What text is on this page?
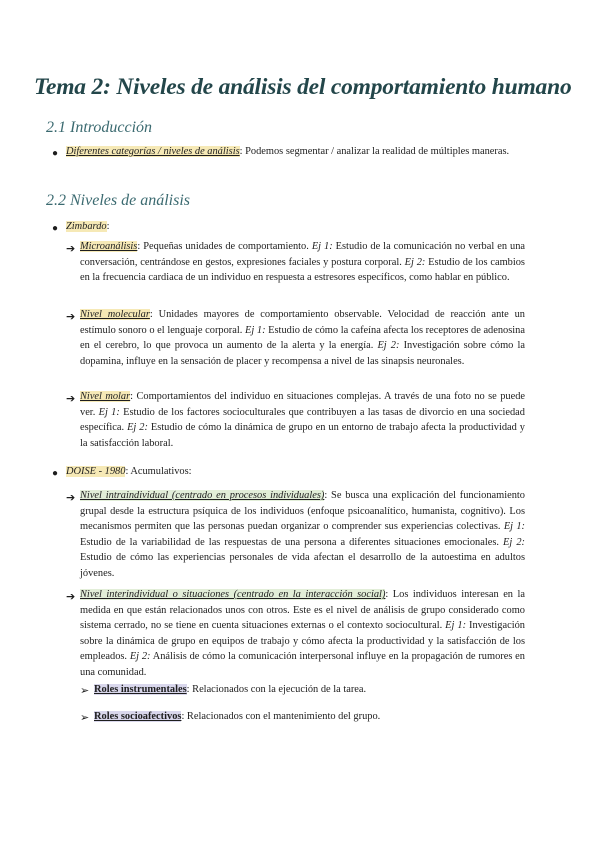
Tema 2: Niveles de análisis del comportamiento humano
2.1 Introducción
● Diferentes categorías / niveles de análisis: Podemos segmentar / analizar la realidad de múltiples maneras.
2.2 Niveles de análisis
● Zimbardo:
➔ Microanálisis: Pequeñas unidades de comportamiento. Ej 1: Estudio de la comunicación no verbal en una conversación, centrándose en gestos, expresiones faciales y postura corporal. Ej 2: Estudio de los cambios en la frecuencia cardiaca de un individuo en respuesta a estresores específicos, como hablar en público.
➔ Nivel molecular: Unidades mayores de comportamiento observable. Velocidad de reacción ante un estímulo sonoro o el lenguaje corporal. Ej 1: Estudio de cómo la cafeína afecta los receptores de adenosina en el cerebro, lo que provoca un aumento de la alerta y la energía. Ej 2: Investigación sobre cómo la dopamina, influye en la sensación de placer y recompensa a nivel de las sinapsis neuronales.
➔ Nivel molar: Comportamientos del individuo en situaciones complejas. A través de una foto no se puede ver. Ej 1: Estudio de los factores socioculturales que contribuyen a las tasas de divorcio en una sociedad específica. Ej 2: Estudio de cómo la dinámica de grupo en un entorno de trabajo afecta la productividad y la satisfacción laboral.
● DOISE - 1980: Acumulativos:
➔ Nivel intraindividual (centrado en procesos individuales): Se busca una explicación del funcionamiento grupal desde la estructura psíquica de los individuos (enfoque psicoanalítico, humanista, cognitivo). Los mecanismos permiten que las personas puedan organizar o comprender sus experiencias colectivas. Ej 1: Estudio de la variabilidad de las respuestas de una persona a diferentes situaciones emocionales. Ej 2: Estudio de cómo las experiencias personales de vida afectan el desarrollo de la autoestima en adultos jóvenes.
➔ Nivel interindividual o situaciones (centrado en la interacción social): Los individuos interesan en la medida en que están relacionados unos con otros. Este es el nivel de análisis de grupo considerado como sistema cerrado, no se tiene en cuenta situaciones externas o el contexto sociocultural. Ej 1: Investigación sobre la dinámica de grupo en equipos de trabajo y cómo afecta la productividad y la satisfacción de los empleados. Ej 2: Análisis de cómo la comunicación interpersonal influye en la propagación de rumores en una comunidad.
➢ Roles instrumentales: Relacionados con la ejecución de la tarea.
➢ Roles socioafectivos: Relacionados con el mantenimiento del grupo.
